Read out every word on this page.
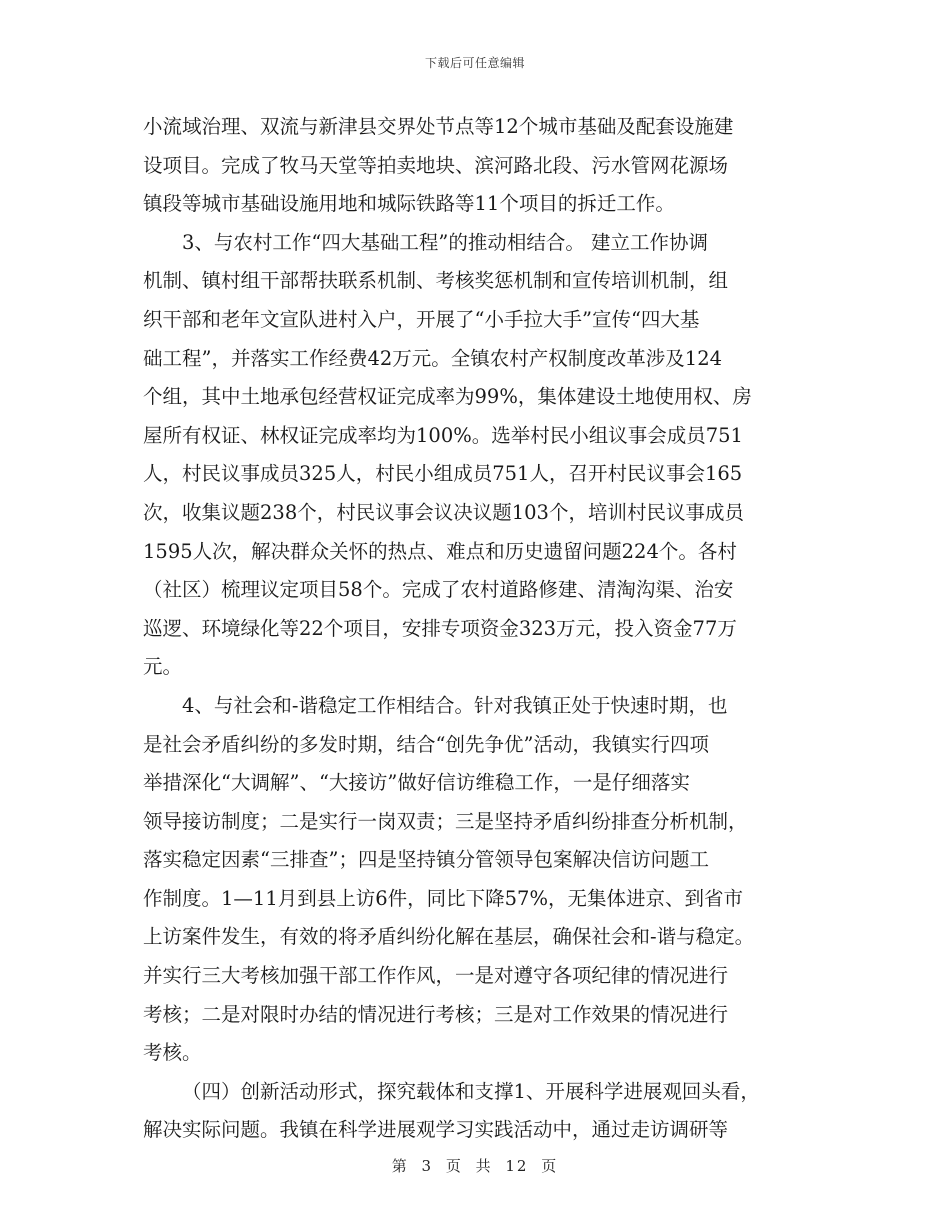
下载后可任意编辑
小流域治理、双流与新津县交界处节点等12个城市基础及配套设施建
设项目。完成了牧马天堂等拍卖地块、滨河路北段、污水管网花源场
镇段等城市基础设施用地和城际铁路等11个项目的拆迁工作。
3、与农村工作“四大基础工程”的推动相结合。 建立工作协调
机制、镇村组干部帮扶联系机制、考核奖惩机制和宣传培训机制，组
织干部和老年文宣队进村入户，开展了“小手拉大手”宣传“四大基
础工程”，并落实工作经费42万元。全镇农村产权制度改革涉及124
个组，其中土地承包经营权证完成率为99%，集体建设土地使用权、房
屋所有权证、林权证完成率均为100%。选举村民小组议事会成员751
人，村民议事成员325人，村民小组成员751人，召开村民议事会165
次，收集议题238个，村民议事会议决议题103个，培训村民议事成员
1595人次，解决群众关怀的热点、难点和历史遗留问题224个。各村
（社区）梳理议定项目58个。完成了农村道路修建、清淘沟渠、治安
巡逻、环境绿化等22个项目，安排专项资金323万元，投入资金77万
元。
4、与社会和-谐稳定工作相结合。针对我镇正处于快速时期，也
是社会矛盾纠纷的多发时期，结合“创先争优”活动，我镇实行四项
举措深化“大调解”、“大接访”做好信访维稳工作，一是仔细落实
领导接访制度；二是实行一岗双责；三是坚持矛盾纠纷排查分析机制，
落实稳定因素“三排查”；四是坚持镇分管领导包案解决信访问题工
作制度。1—11月到县上访6件，同比下降57%，无集体进京、到省市
上访案件发生，有效的将矛盾纠纷化解在基层，确保社会和-谐与稳定。
并实行三大考核加强干部工作作风，一是对遵守各项纪律的情况进行
考核；二是对限时办结的情况进行考核；三是对工作效果的情况进行
考核。
（四）创新活动形式，探究载体和支撑1、开展科学进展观回头看，
解决实际问题。我镇在科学进展观学习实践活动中，通过走访调研等
第 3 页 共 12 页
